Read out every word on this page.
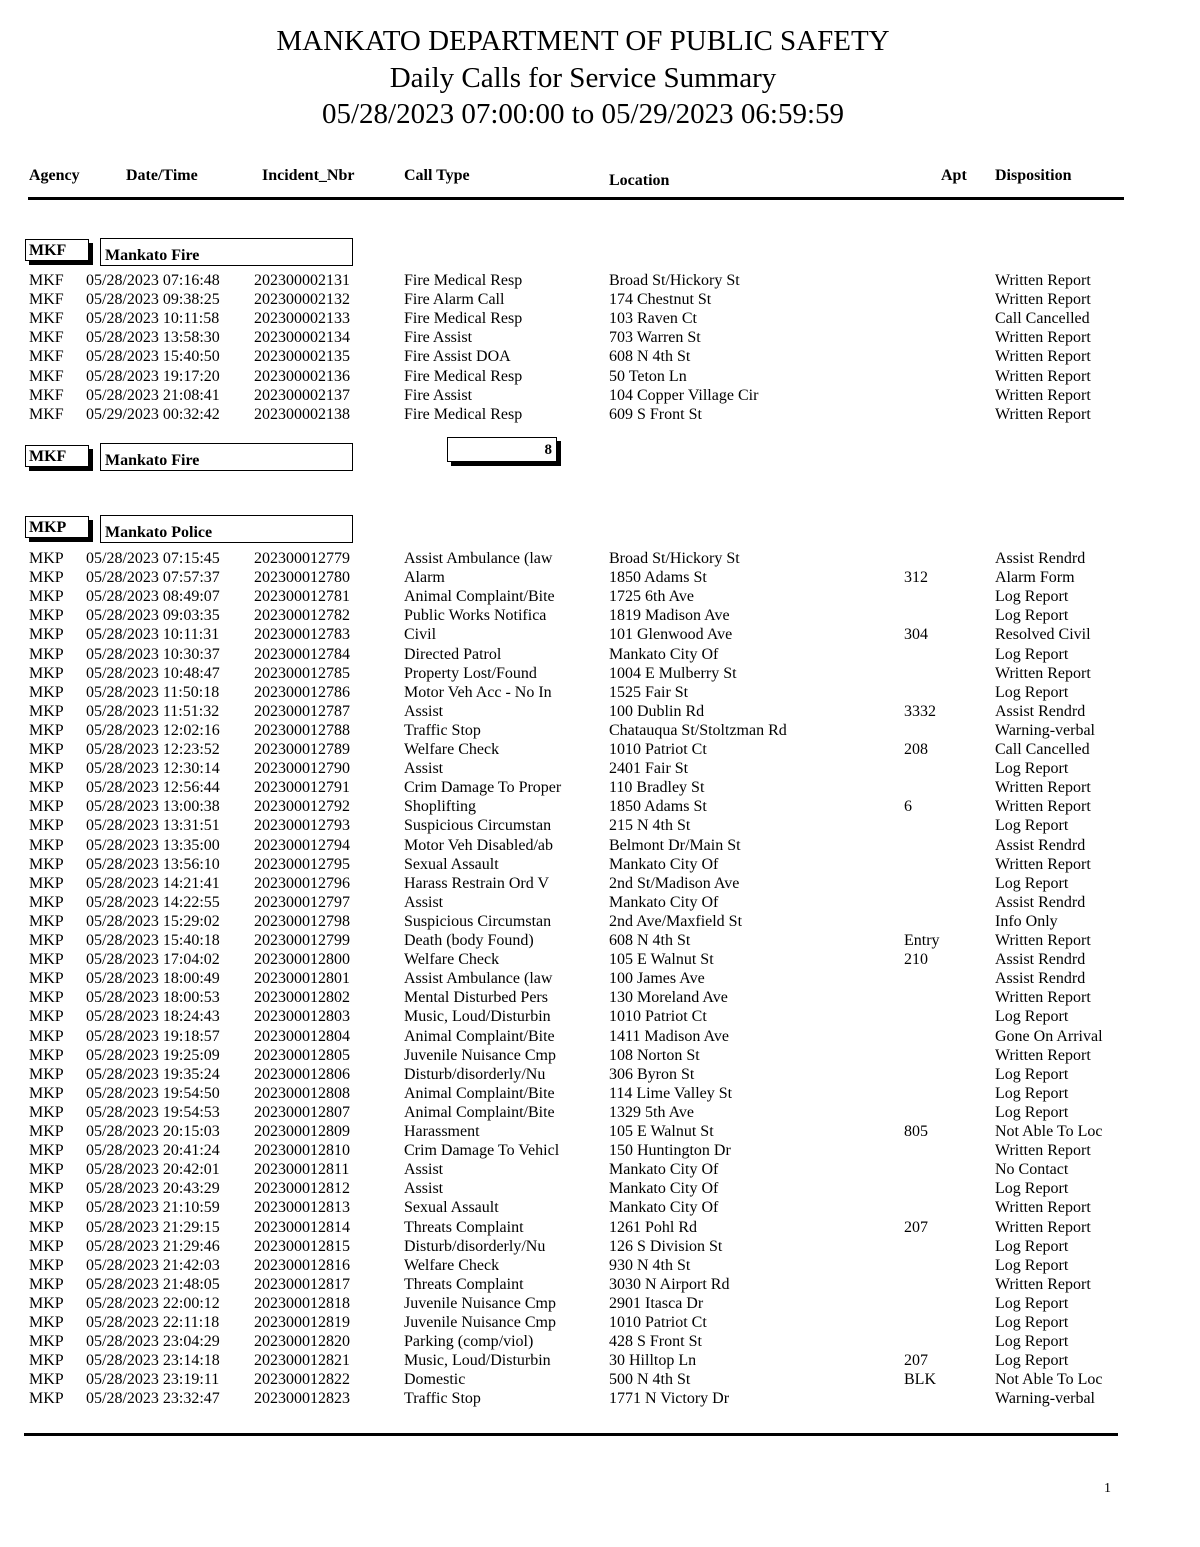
MANKATO DEPARTMENT OF PUBLIC SAFETY
Daily Calls for Service Summary
05/28/2023 07:00:00 to 05/29/2023 06:59:59
Agency	Date/Time	Incident_Nbr	Call Type	Location	Apt Disposition
MKF	Mankato Fire
MKF 05/28/2023 07:16:48 202300002131	Fire Medical Resp	Broad St/Hickory St	Written Report
MKF 05/28/2023 09:38:25 202300002132	Fire Alarm Call	174 Chestnut St	Written Report
MKF 05/28/2023 10:11:58 202300002133	Fire Medical Resp	103 Raven Ct	Call Cancelled
MKF 05/28/2023 13:58:30 202300002134	Fire Assist	703 Warren St	Written Report
MKF 05/28/2023 15:40:50 202300002135	Fire Assist DOA	608 N 4th St	Written Report
MKF 05/28/2023 19:17:20 202300002136	Fire Medical Resp	50 Teton Ln	Written Report
MKF 05/28/2023 21:08:41 202300002137	Fire Assist	104 Copper Village Cir	Written Report
MKF 05/29/2023 00:32:42 202300002138	Fire Medical Resp	609 S Front St	Written Report
MKF	Mankato Fire
8
MKP	Mankato Police
MKP 05/28/2023 07:15:45 202300012779	Assist Ambulance (law	Broad St/Hickory St	Assist Rendrd
MKP 05/28/2023 07:57:37 202300012780	Alarm	1850 Adams St	312	Alarm Form
MKP 05/28/2023 08:49:07 202300012781	Animal Complaint/Bite	1725 6th Ave	Log Report
MKP 05/28/2023 09:03:35 202300012782	Public Works Notifica	1819 Madison Ave	Log Report
MKP 05/28/2023 10:11:31 202300012783	Civil	101 Glenwood Ave	304	Resolved Civil
MKP 05/28/2023 10:30:37 202300012784	Directed Patrol	Mankato City Of	Log Report
MKP 05/28/2023 10:48:47 202300012785	Property Lost/Found	1004 E Mulberry St	Written Report
MKP 05/28/2023 11:50:18 202300012786	Motor Veh Acc - No In	1525 Fair St	Log Report
MKP 05/28/2023 11:51:32 202300012787	Assist	100 Dublin Rd	3332	Assist Rendrd
MKP 05/28/2023 12:02:16 202300012788	Traffic Stop	Chatauqua St/Stoltzman Rd	Warning-verbal
MKP 05/28/2023 12:23:52 202300012789	Welfare Check	1010 Patriot Ct	208	Call Cancelled
MKP 05/28/2023 12:30:14 202300012790	Assist	2401 Fair St	Log Report
MKP 05/28/2023 12:56:44 202300012791	Crim Damage To Proper	110 Bradley St	Written Report
MKP 05/28/2023 13:00:38 202300012792	Shoplifting	1850 Adams St	6	Written Report
MKP 05/28/2023 13:31:51 202300012793	Suspicious Circumstan	215 N 4th St	Log Report
MKP 05/28/2023 13:35:00 202300012794	Motor Veh Disabled/ab	Belmont Dr/Main St	Assist Rendrd
MKP 05/28/2023 13:56:10 202300012795	Sexual Assault	Mankato City Of	Written Report
MKP 05/28/2023 14:21:41 202300012796	Harass Restrain Ord V	2nd St/Madison Ave	Log Report
MKP 05/28/2023 14:22:55 202300012797	Assist	Mankato City Of	Assist Rendrd
MKP 05/28/2023 15:29:02 202300012798	Suspicious Circumstan	2nd Ave/Maxfield St	Info Only
MKP 05/28/2023 15:40:18 202300012799	Death (body Found)	608 N 4th St	Entry	Written Report
MKP 05/28/2023 17:04:02 202300012800	Welfare Check	105 E Walnut St	210	Assist Rendrd
MKP 05/28/2023 18:00:49 202300012801	Assist Ambulance (law	100 James Ave	Assist Rendrd
MKP 05/28/2023 18:00:53 202300012802	Mental Disturbed Pers	130 Moreland Ave	Written Report
MKP 05/28/2023 18:24:43 202300012803	Music, Loud/Disturbin	1010 Patriot Ct	Log Report
MKP 05/28/2023 19:18:57 202300012804	Animal Complaint/Bite	1411 Madison Ave	Gone On Arrival
MKP 05/28/2023 19:25:09 202300012805	Juvenile Nuisance Cmp	108 Norton St	Written Report
MKP 05/28/2023 19:35:24 202300012806	Disturb/disorderly/Nu	306 Byron St	Log Report
MKP 05/28/2023 19:54:50 202300012808	Animal Complaint/Bite	114 Lime Valley St	Log Report
MKP 05/28/2023 19:54:53 202300012807	Animal Complaint/Bite	1329 5th Ave	Log Report
MKP 05/28/2023 20:15:03 202300012809	Harassment	105 E Walnut St	805	Not Able To Loc
MKP 05/28/2023 20:41:24 202300012810	Crim Damage To Vehicl	150 Huntington Dr	Written Report
MKP 05/28/2023 20:42:01 202300012811	Assist	Mankato City Of	No Contact
MKP 05/28/2023 20:43:29 202300012812	Assist	Mankato City Of	Log Report
MKP 05/28/2023 21:10:59 202300012813	Sexual Assault	Mankato City Of	Written Report
MKP 05/28/2023 21:29:15 202300012814	Threats Complaint	1261 Pohl Rd	207	Written Report
MKP 05/28/2023 21:29:46 202300012815	Disturb/disorderly/Nu	126 S Division St	Log Report
MKP 05/28/2023 21:42:03 202300012816	Welfare Check	930 N 4th St	Log Report
MKP 05/28/2023 21:48:05 202300012817	Threats Complaint	3030 N Airport Rd	Written Report
MKP 05/28/2023 22:00:12 202300012818	Juvenile Nuisance Cmp	2901 Itasca Dr	Log Report
MKP 05/28/2023 22:11:18 202300012819	Juvenile Nuisance Cmp	1010 Patriot Ct	Log Report
MKP 05/28/2023 23:04:29 202300012820	Parking (comp/viol)	428 S Front St	Log Report
MKP 05/28/2023 23:14:18 202300012821	Music, Loud/Disturbin	30 Hilltop Ln	207	Log Report
MKP 05/28/2023 23:19:11 202300012822	Domestic	500 N 4th St	BLK	Not Able To Loc
MKP 05/28/2023 23:32:47 202300012823	Traffic Stop	1771 N Victory Dr	Warning-verbal
1
